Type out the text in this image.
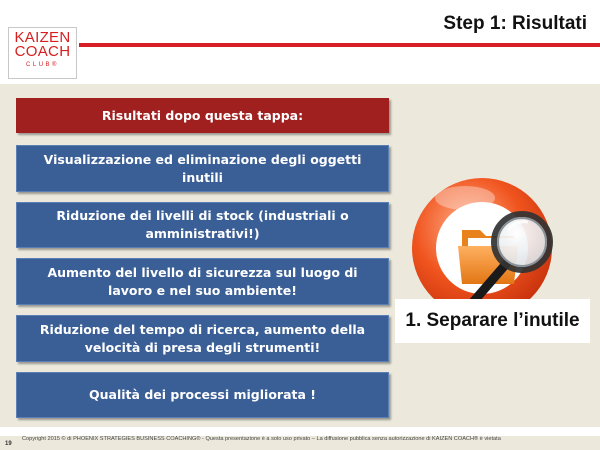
KAIZEN
COACH
CLUB®
Step 1: Risultati
Risultati dopo questa tappa:
Visualizzazione ed eliminazione degli oggetti inutili
Riduzione dei livelli di stock (industriali o amministrativi!)
Aumento del livello di sicurezza sul luogo di lavoro e nel suo ambiente!
Riduzione del tempo di ricerca, aumento della velocità di presa degli strumenti!
Qualità dei processi migliorata !
1. Separare l’inutile
Copyright 2015 © di PHOENIX STRATEGIES BUSINESS COACHING® - Questa presentazione è a solo uso privato – La diffusione pubblica senza autorizzazione di KAIZEN COACH® è vietata
19
